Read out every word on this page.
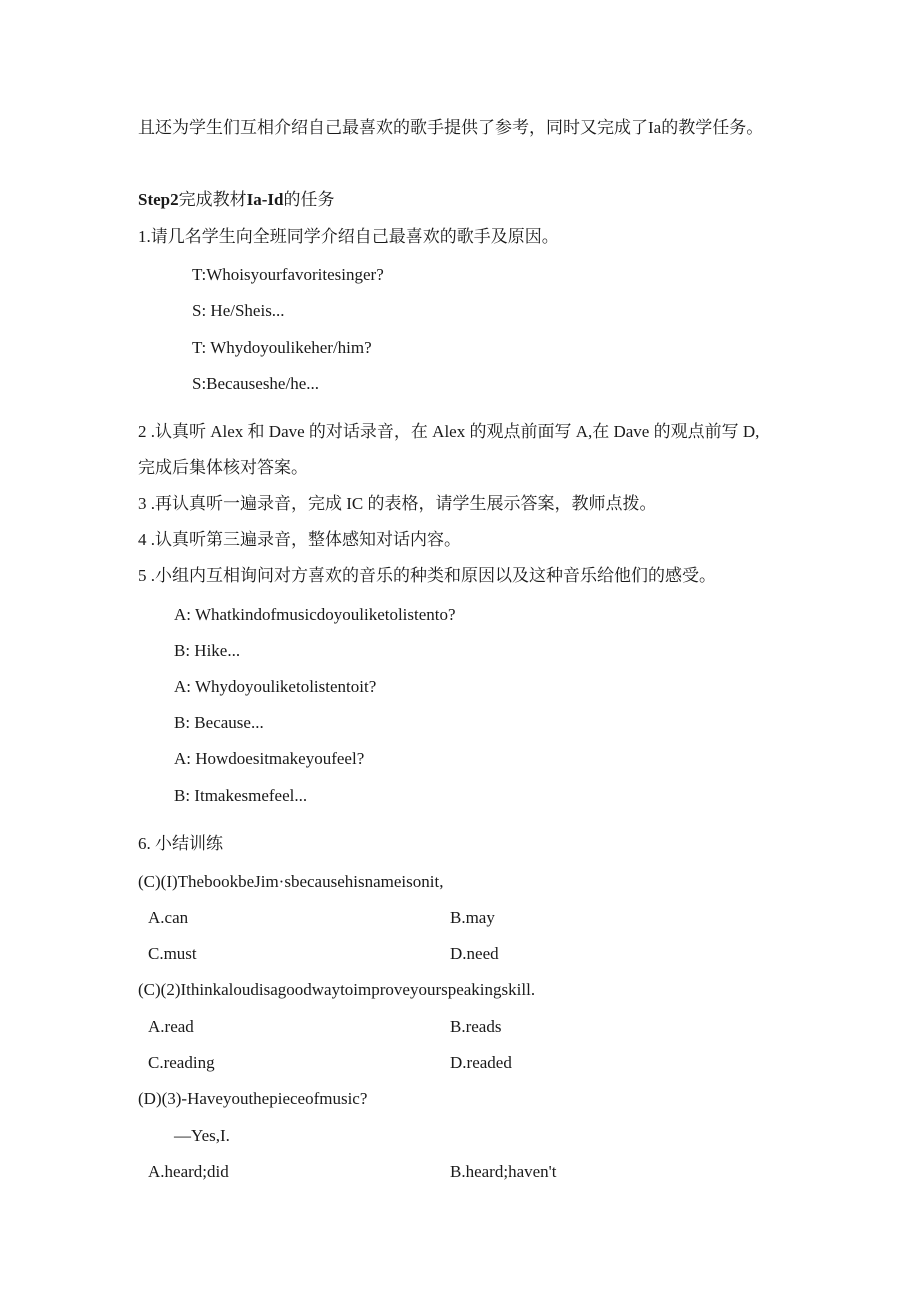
且还为学生们互相介绍自己最喜欢的歌手提供了参考，同时又完成了Ia的教学任务。
Step2完成教材Ia-Id的任务
1.请几名学生向全班同学介绍自己最喜欢的歌手及原因。
T:Whoisyourfavoritesinger?
S: He/Sheis...
T: Whydoyoulikeher/him?
S:Becauseshe/he...
2 .认真听 Alex 和 Dave 的对话录音，在 Alex 的观点前面写 A,在 Dave 的观点前写 D,
完成后集体核对答案。
3 .再认真听一遍录音，完成 IC 的表格，请学生展示答案，教师点拨。
4 .认真听第三遍录音，整体感知对话内容。
5 .小组内互相询问对方喜欢的音乐的种类和原因以及这种音乐给他们的感受。
A: Whatkindofmusicdoyouliketolistento?
B: Hike...
A: Whydoyouliketolistentoit?
B: Because...
A: Howdoesitmakeyoufeel?
B: Itmakesmefeel...
6. 小结训练
(C)(I)ThebookbeJim·sbecausehisnameisonit,
A.can	B.may
C.must	D.need
(C)(2)Ithinkaloudisagoodwaytoimproveyourspeakingskill.
A.read	B.reads
C.reading	D.readed
(D)(3)-Haveyouthepieceofmusic?
—Yes,I.
A.heard;did	B.heard;haven't
